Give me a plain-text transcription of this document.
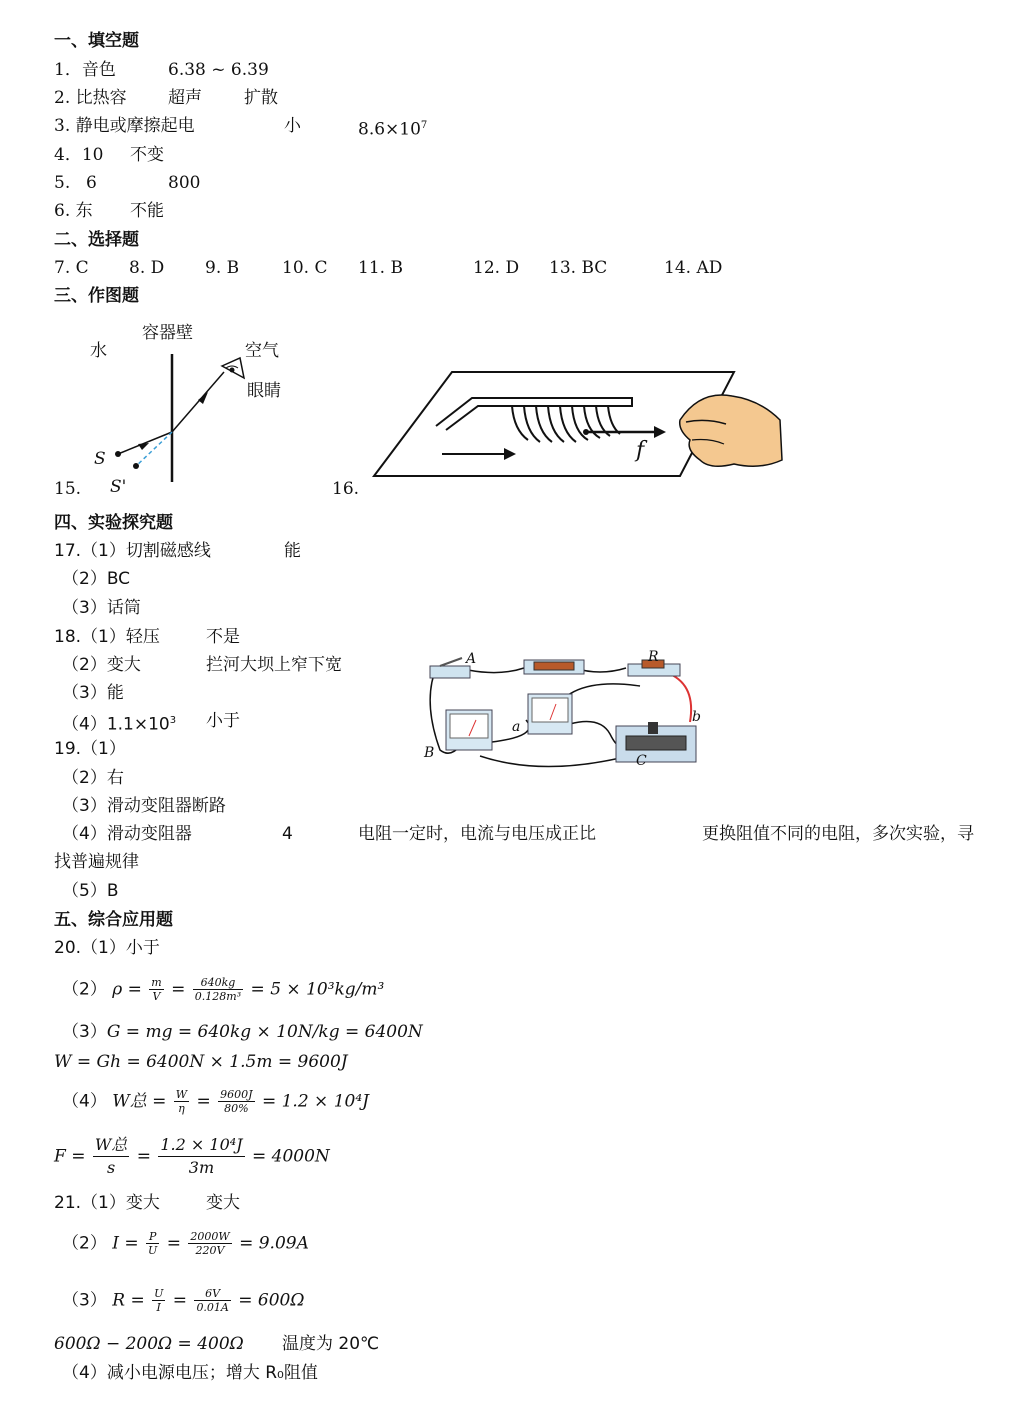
一、填空题
1．音色	6.38 ~ 6.39
2. 比热容 超声 扩散
3. 静电或摩擦起电	小	$8.6\times 10^7$
4．10 不变
5. 6	800
6. 东 不能
二、选择题
7. C 8. D 9. B	10. C 11. B	12. D 13. BC	14. AD
三、作图题
容器壁
水	空气
眼睛
S
S'
15.
f
16.
四、实验探究题
17.（1）切割磁感线	能
（2）BC
（3）话筒
18.（1）轻压	不是
（2）变大	拦河大坝上窄下宽
（3）能
$(4)1.1\times 10^3$ 小于
A	R
b
a
B	C
19.（1）
（2）右
（3）滑动变阻器断路
（4）滑动变阻器	4	电阻一定时，电流与电压成正比	更换阻值不同的电阻，多次实验，寻
找普遍规律
（5）B
五、综合应用题
20.（1）小于
（2） $\rho = \frac{m}{V} = \frac{640kg}{\text{0.128m³}} = 5 \times 10^3kg/m^3$
（3）G = mg = 640kg × 10N/kg = 6400N
W = Gh = 6400N × 1.5m = 9600J
（4） W总 = $\frac{W}{\eta} = \frac{9600J}{80\%} = 1.2 \times 10^4J$
F =
W总
s
= $\frac{\text{1.2 × 10⁴J}}{3m} = 4000N$
21.（1）变大	变大
（2） $I = \frac{P}{U} = \frac{2000W}{220V} = 9.09A$
（3） $R = \frac{U}{I} = \frac{6V}{0.01A} = 600\Omega$
600Ω − 200Ω = 400Ω 温度为 20℃
（4）减小电源电压；增大 R₀阻值
